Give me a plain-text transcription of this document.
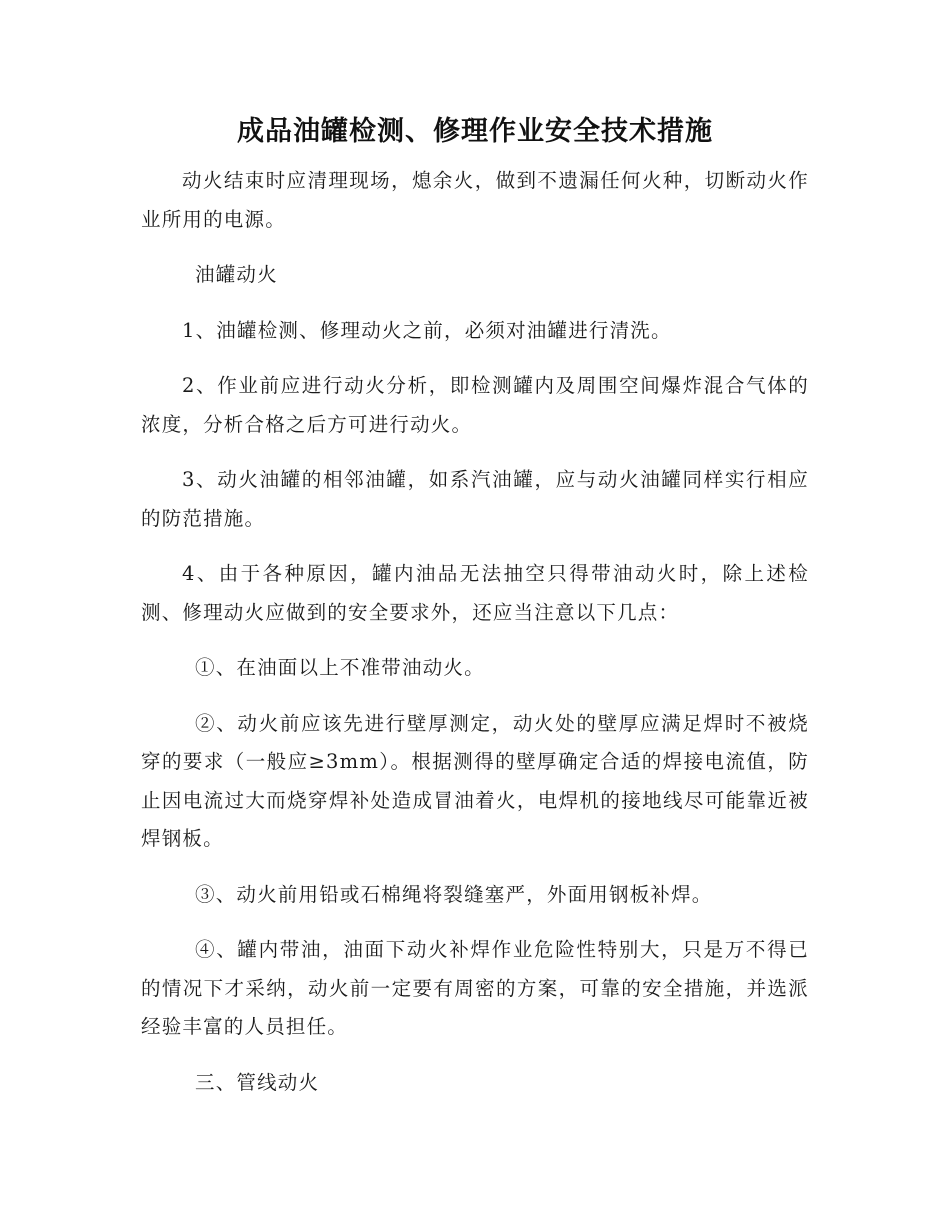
成品油罐检测、修理作业安全技术措施

动火结束时应清理现场，熄余火，做到不遗漏任何火种，切断动火作业所用的电源。

油罐动火

1、油罐检测、修理动火之前，必须对油罐进行清洗。

2、作业前应进行动火分析，即检测罐内及周围空间爆炸混合气体的浓度，分析合格之后方可进行动火。

3、动火油罐的相邻油罐，如系汽油罐，应与动火油罐同样实行相应的防范措施。

4、由于各种原因，罐内油品无法抽空只得带油动火时，除上述检测、修理动火应做到的安全要求外，还应当注意以下几点：

①、在油面以上不准带油动火。

②、动火前应该先进行壁厚测定，动火处的壁厚应满足焊时不被烧穿的要求（一般应≥3mm）。根据测得的壁厚确定合适的焊接电流值，防止因电流过大而烧穿焊补处造成冒油着火，电焊机的接地线尽可能靠近被焊钢板。

③、动火前用铅或石棉绳将裂缝塞严，外面用钢板补焊。

④、罐内带油，油面下动火补焊作业危险性特别大，只是万不得已的情况下才采纳，动火前一定要有周密的方案，可靠的安全措施，并选派经验丰富的人员担任。

三、管线动火
